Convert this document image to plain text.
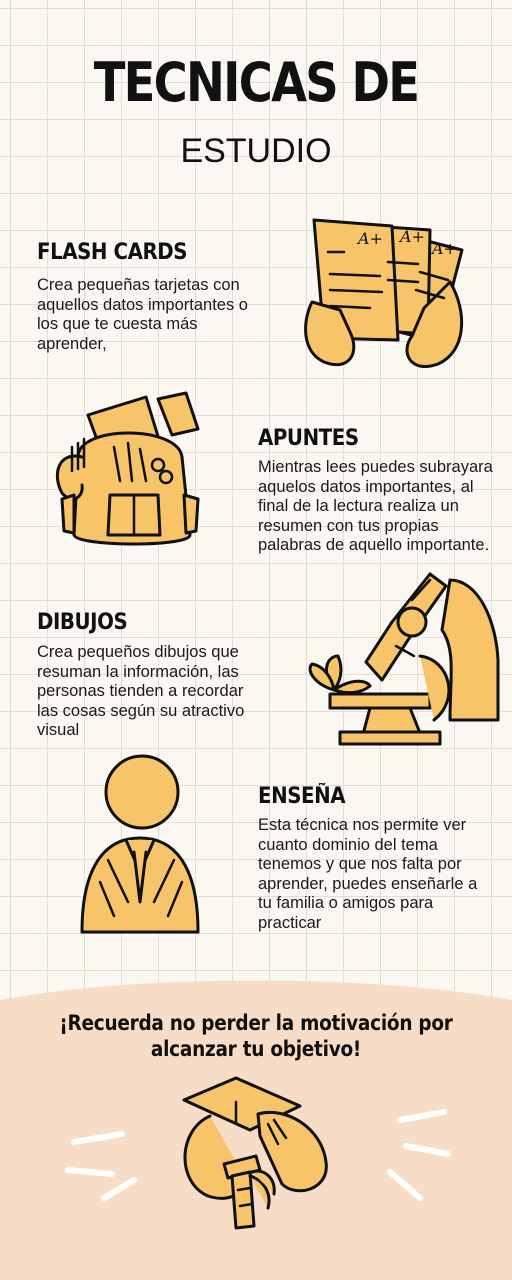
TECNICAS DE
ESTUDIO
FLASH CARDS
Crea pequeñas tarjetas con aquellos datos importantes o los que te cuesta más aprender,
A+ A+
A+
APUNTES
Mientras lees puedes subrayara aquelos datos importantes, al final de la lectura realiza un resumen con tus propias palabras de aquello importante.
DIBUJOS
Crea pequeños dibujos que resuman la información, las personas tienden a recordar las cosas según su atractivo visual
ENSEÑA
Esta técnica nos permite ver cuanto dominio del tema tenemos y que nos falta por aprender, puedes enseñarle a tu familia o amigos para practicar
¡Recuerda no perder la motivación por alcanzar tu objetivo!
